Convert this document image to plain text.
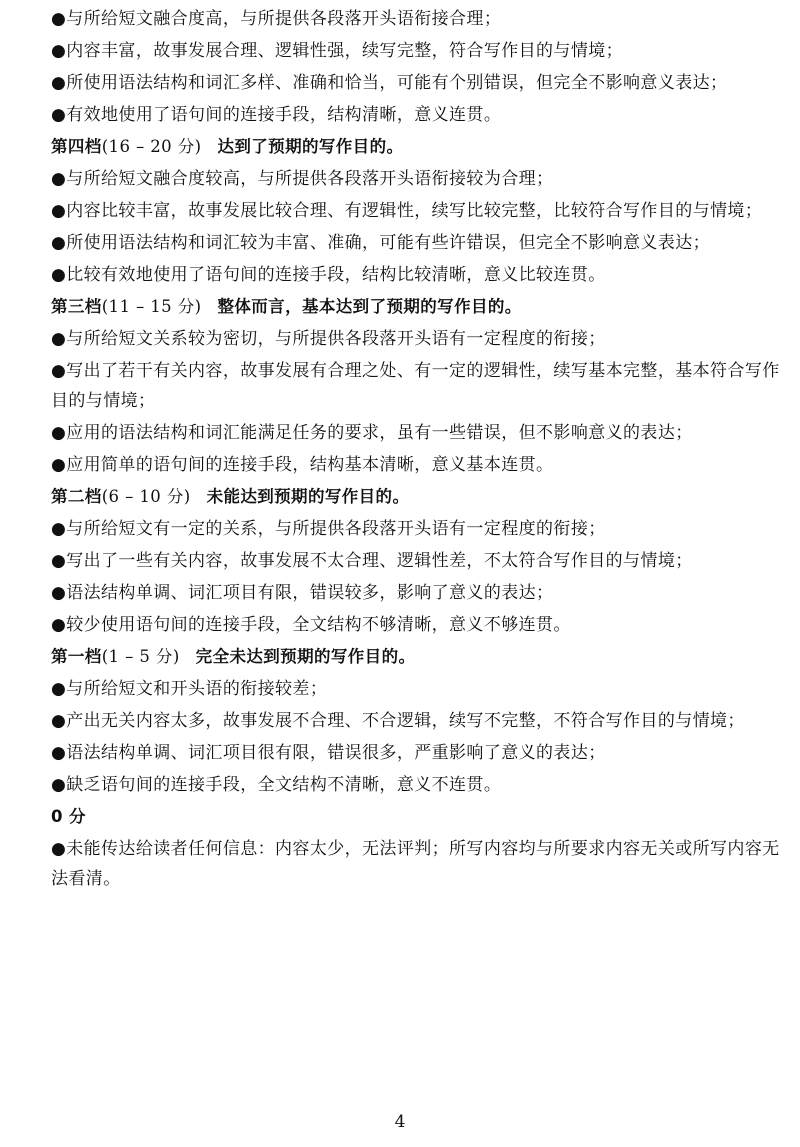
●与所给短文融合度高，与所提供各段落开头语衔接合理；

●内容丰富，故事发展合理、逻辑性强，续写完整，符合写作目的与情境；

●所使用语法结构和词汇多样、准确和恰当，可能有个别错误，但完全不影响意义表达；

●有效地使用了语句间的连接手段，结构清晰，意义连贯。

第四档(16 – 20 分) 达到了预期的写作目的。

●与所给短文融合度较高，与所提供各段落开头语衔接较为合理；

●内容比较丰富，故事发展比较合理、有逻辑性，续写比较完整，比较符合写作目的与情境；

●所使用语法结构和词汇较为丰富、准确，可能有些许错误，但完全不影响意义表达；

●比较有效地使用了语句间的连接手段，结构比较清晰，意义比较连贯。

第三档(11 – 15 分) 整体而言，基本达到了预期的写作目的。

●与所给短文关系较为密切，与所提供各段落开头语有一定程度的衔接；

●写出了若干有关内容，故事发展有合理之处、有一定的逻辑性，续写基本完整，基本符合写作目的与情境；

●应用的语法结构和词汇能满足任务的要求，虽有一些错误，但不影响意义的表达；

●应用简单的语句间的连接手段，结构基本清晰，意义基本连贯。

第二档(6 – 10 分) 未能达到预期的写作目的。

●与所给短文有一定的关系，与所提供各段落开头语有一定程度的衔接；

●写出了一些有关内容，故事发展不太合理、逻辑性差，不太符合写作目的与情境；

●语法结构单调、词汇项目有限，错误较多，影响了意义的表达；

●较少使用语句间的连接手段，全文结构不够清晰，意义不够连贯。

第一档(1 – 5 分) 完全未达到预期的写作目的。

●与所给短文和开头语的衔接较差；

●产出无关内容太多，故事发展不合理、不合逻辑，续写不完整，不符合写作目的与情境；

●语法结构单调、词汇项目很有限，错误很多，严重影响了意义的表达；

●缺乏语句间的连接手段，全文结构不清晰，意义不连贯。

0 分

●未能传达给读者任何信息：内容太少，无法评判；所写内容均与所要求内容无关或所写内容无法看清。

4
